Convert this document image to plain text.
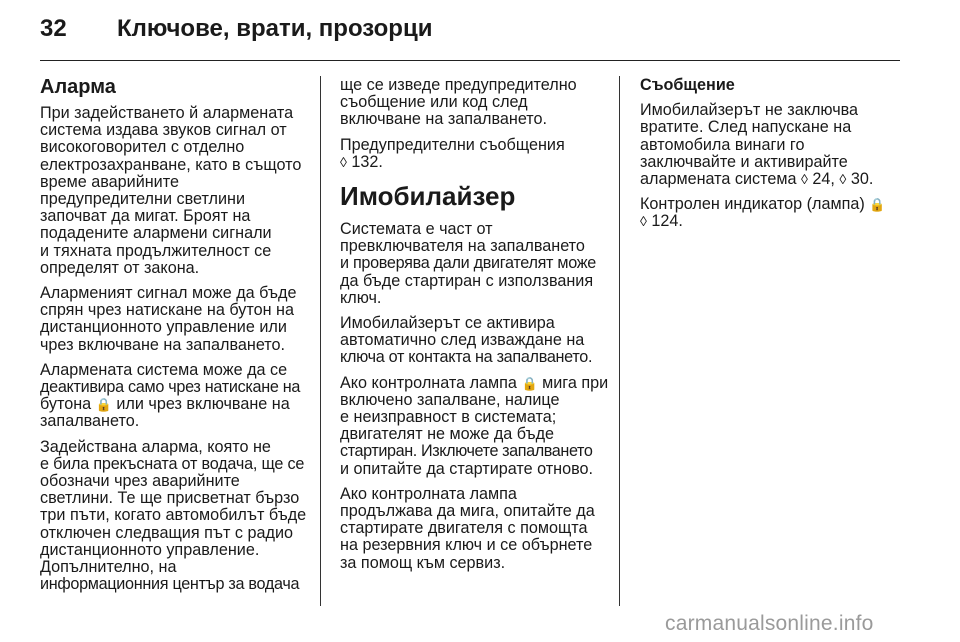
32 Ключове, врати, прозорци

Аларма

При задействането й алармената
система издава звуков сигнал от
високоговорител с отделно
електрозахранване, като в същото
време аварийните
предупредителни светлини
започват да мигат. Броят на
подадените алармени сигнали
и тяхната продължителност се
определят от закона.

Алармeният сигнал може да бъде
спрян чрез натискане на бутон на
дистанционното управление или
чрез включване на запалването.

Алармената система може да се
деактивира само чрез натискане на
бутона 🔒 или чрез включване на
запалването.

Задействана аларма, която не
е била прекъсната от водача, ще се
обозначи чрез аварийните
светлини. Те ще присветнат бързо
три пъти, когато автомобилът бъде
отключен следващия път с радио
дистанционното управление.
Допълнително, на
информационния център за водача

ще се изведе предупредително
съобщение или код след
включване на запалването.

Предупредителни съобщения
◊ 132.

Имобилайзер

Системата е част от
превключвателя на запалването
и проверява дали двигателят може
да бъде стартиран с използвания
ключ.

Имобилайзерът се активира
автоматично след изваждане на
ключа от контакта на запалването.

Ако контролната лампа 🔒 мига при
включено запалване, налице
е неизправност в системата;
двигателят не може да бъде
стартиран. Изключете запалването
и опитайте да стартирате отново.

Ако контролната лампа
продължава да мига, опитайте да
стартирате двигателя с помощта
на резервния ключ и се обърнете
за помощ към сервиз.

Съобщение

Имобилайзерът не заключва
вратите. След напускане на
автомобила винаги го
заключвайте и активирайте
алармената система ◊ 24, ◊ 30.

Контролен индикатор (лампа) 🔒
◊ 124.

carmanualsonline.info
